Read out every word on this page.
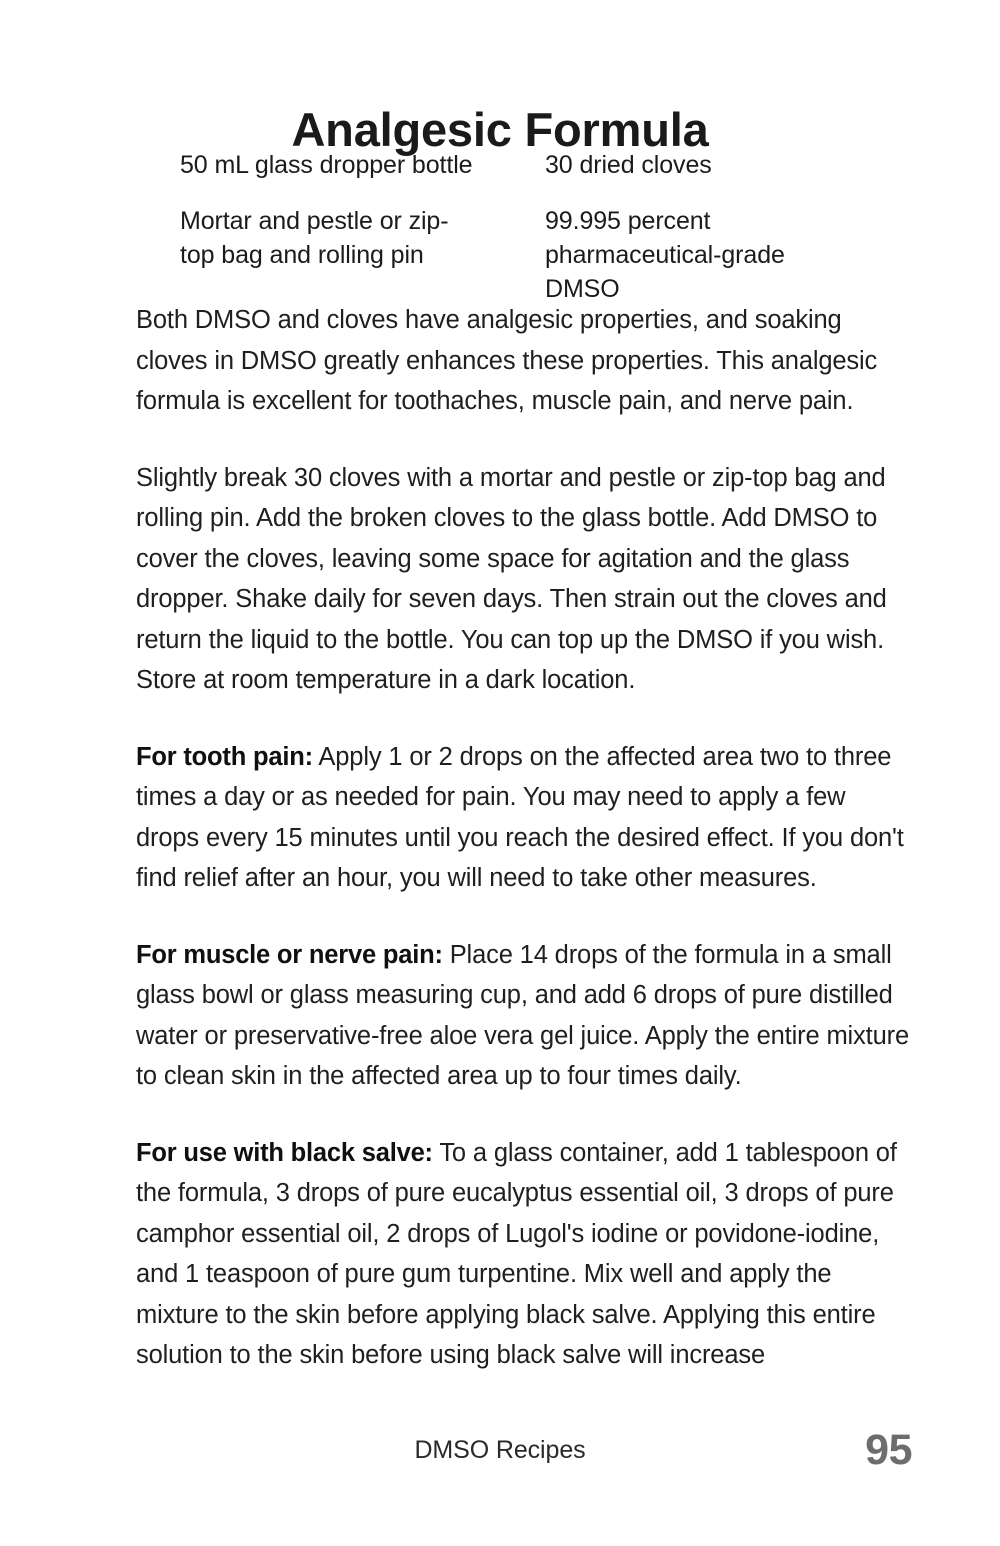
Analgesic Formula
50 mL glass dropper bottle	30 dried cloves
Mortar and pestle or zip-top bag and rolling pin
99.995 percent pharmaceutical-grade DMSO

Both DMSO and cloves have analgesic properties, and soaking cloves in DMSO greatly enhances these properties. This analgesic formula is excellent for toothaches, muscle pain, and nerve pain.

Slightly break 30 cloves with a mortar and pestle or zip-top bag and rolling pin. Add the broken cloves to the glass bottle. Add DMSO to cover the cloves, leaving some space for agitation and the glass dropper. Shake daily for seven days. Then strain out the cloves and return the liquid to the bottle. You can top up the DMSO if you wish. Store at room temperature in a dark location.

For tooth pain: Apply 1 or 2 drops on the affected area two to three times a day or as needed for pain. You may need to apply a few drops every 15 minutes until you reach the desired effect. If you don't find relief after an hour, you will need to take other measures.

For muscle or nerve pain: Place 14 drops of the formula in a small glass bowl or glass measuring cup, and add 6 drops of pure distilled water or preservative-free aloe vera gel juice. Apply the entire mixture to clean skin in the affected area up to four times daily.

For use with black salve: To a glass container, add 1 tablespoon of the formula, 3 drops of pure eucalyptus essential oil, 3 drops of pure camphor essential oil, 2 drops of Lugol's iodine or povidone-iodine, and 1 teaspoon of pure gum turpentine. Mix well and apply the mixture to the skin before applying black salve. Applying this entire solution to the skin before using black salve will increase

DMSO Recipes	95
